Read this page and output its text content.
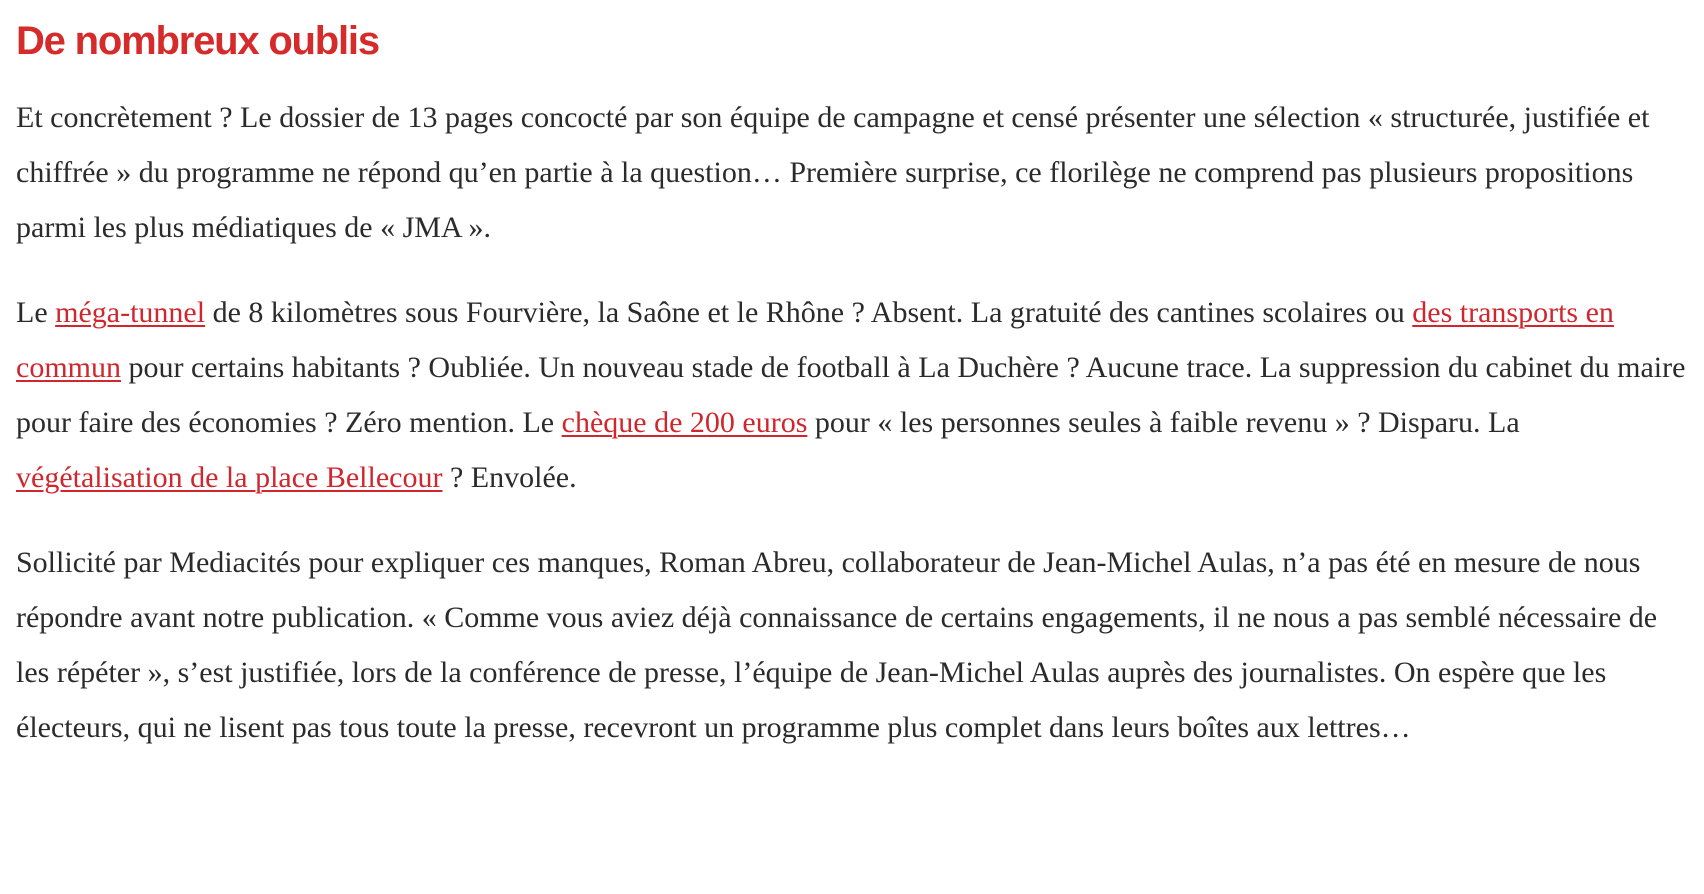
De nombreux oublis

Et concrètement ? Le dossier de 13 pages concocté par son équipe de campagne et censé présenter une sélection « structurée, justifiée et chiffrée » du programme ne répond qu’en partie à la question… Première surprise, ce florilège ne comprend pas plusieurs propositions parmi les plus médiatiques de « JMA ».

Le méga-tunnel de 8 kilomètres sous Fourvière, la Saône et le Rhône ? Absent. La gratuité des cantines scolaires ou des transports en commun pour certains habitants ? Oubliée. Un nouveau stade de football à La Duchère ? Aucune trace. La suppression du cabinet du maire pour faire des économies ? Zéro mention. Le chèque de 200 euros pour « les personnes seules à faible revenu » ? Disparu. La végétalisation de la place Bellecour ? Envolée.

Sollicité par Mediacités pour expliquer ces manques, Roman Abreu, collaborateur de Jean-Michel Aulas, n’a pas été en mesure de nous répondre avant notre publication. « Comme vous aviez déjà connaissance de certains engagements, il ne nous a pas semblé nécessaire de les répéter », s’est justifiée, lors de la conférence de presse, l’équipe de Jean-Michel Aulas auprès des journalistes. On espère que les électeurs, qui ne lisent pas tous toute la presse, recevront un programme plus complet dans leurs boîtes aux lettres…
